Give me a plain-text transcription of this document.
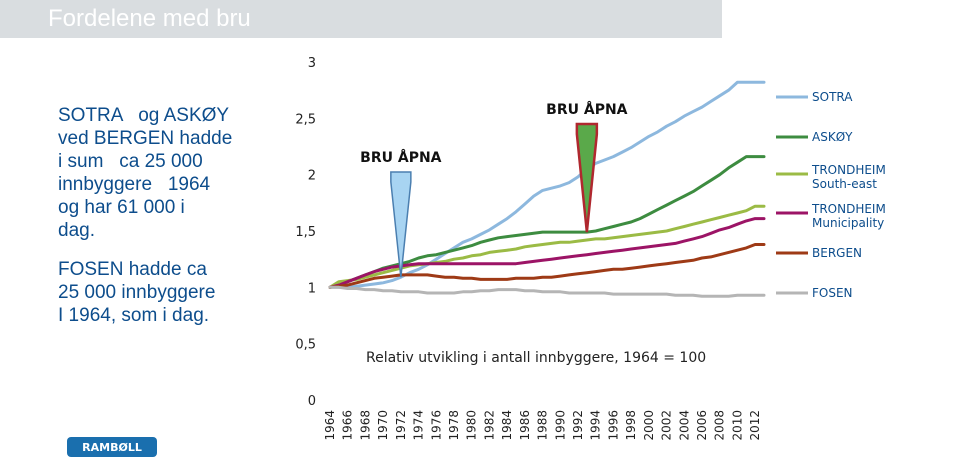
Fordelene med bru
SOTRA   og ASKØY
ved BERGEN hadde
i sum   ca 25 000
innbyggere   1964
og har 61 000 i
dag.
FOSEN hadde ca
25 000 innbyggere
I 1964, som i dag.
RAMBØLL
0
0,5
1
1,5
2
2,5
3
1964 1966 1968 1970 1972 1974 1976 1978 1980 1982 1984 1986 1988 1990 1992 1994 1996 1998 2000 2002 2004 2006 2008 2010 2012
Relativ utvikling i antall innbyggere, 1964 = 100
BRU ÅPNA
BRU ÅPNA
SOTRA
ASKØY
TRONDHEIM South-east
TRONDHEIM Municipality
BERGEN
FOSEN
